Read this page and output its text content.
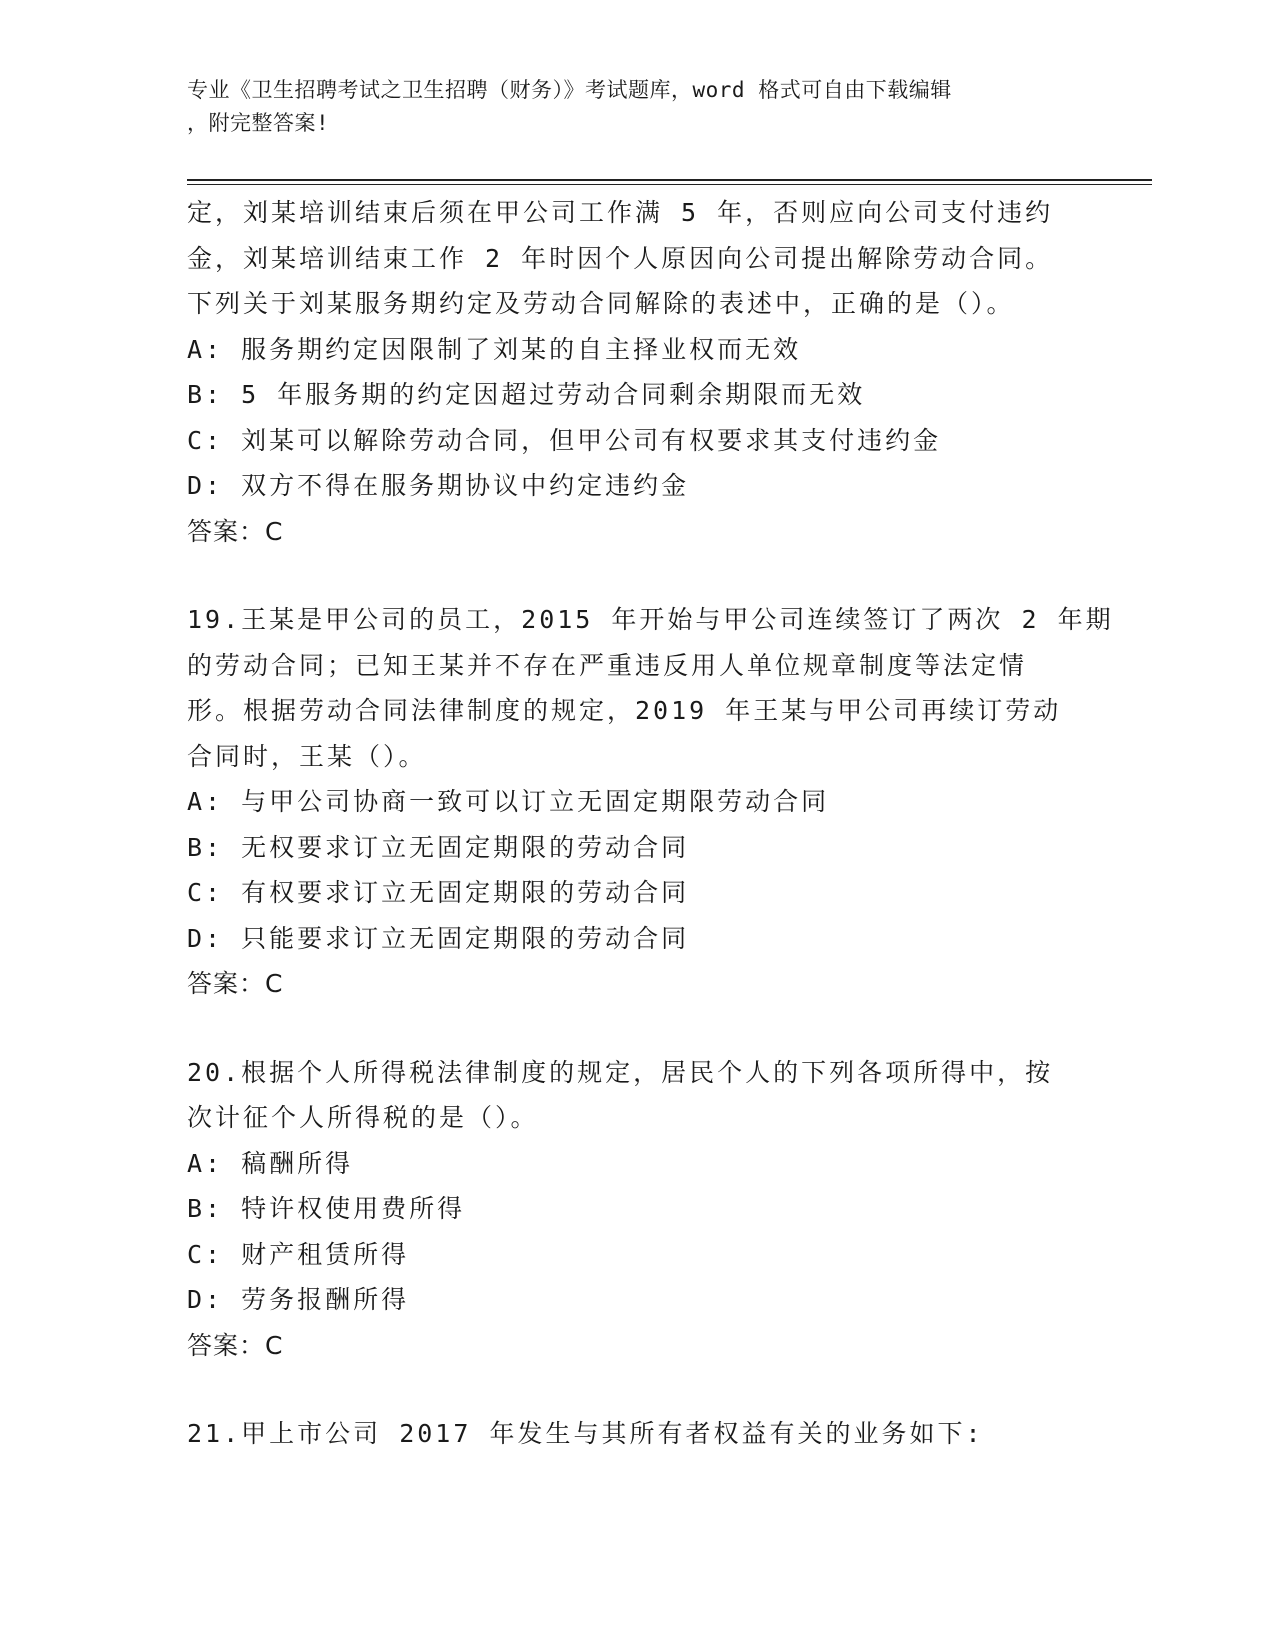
专业《卫生招聘考试之卫生招聘（财务）》考试题库，word 格式可自由下载编辑
，附完整答案!
定，刘某培训结束后须在甲公司工作满 5 年，否则应向公司支付违约
金，刘某培训结束工作 2 年时因个人原因向公司提出解除劳动合同。
下列关于刘某服务期约定及劳动合同解除的表述中，正确的是（）。
A: 服务期约定因限制了刘某的自主择业权而无效
B: 5 年服务期的约定因超过劳动合同剩余期限而无效
C: 刘某可以解除劳动合同，但甲公司有权要求其支付违约金
D: 双方不得在服务期协议中约定违约金
答案：C
19.王某是甲公司的员工，2015 年开始与甲公司连续签订了两次 2 年期
的劳动合同；已知王某并不存在严重违反用人单位规章制度等法定情
形。根据劳动合同法律制度的规定，2019 年王某与甲公司再续订劳动
合同时，王某（）。
A: 与甲公司协商一致可以订立无固定期限劳动合同
B: 无权要求订立无固定期限的劳动合同
C: 有权要求订立无固定期限的劳动合同
D: 只能要求订立无固定期限的劳动合同
答案：C
20.根据个人所得税法律制度的规定，居民个人的下列各项所得中，按
次计征个人所得税的是（）。
A: 稿酬所得
B: 特许权使用费所得
C: 财产租赁所得
D: 劳务报酬所得
答案：C
21.甲上市公司 2017 年发生与其所有者权益有关的业务如下:
